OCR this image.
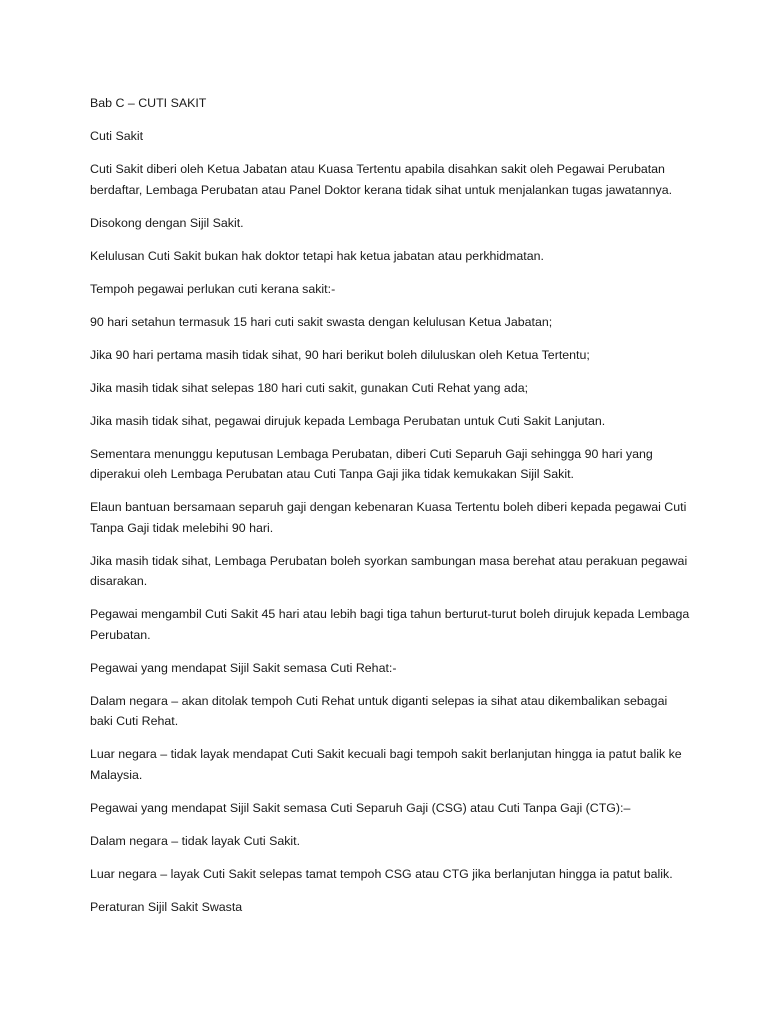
Bab C – CUTI SAKIT

Cuti Sakit

Cuti Sakit diberi oleh Ketua Jabatan atau Kuasa Tertentu apabila disahkan sakit oleh Pegawai Perubatan berdaftar, Lembaga Perubatan atau Panel Doktor kerana tidak sihat untuk menjalankan tugas jawatannya.

Disokong dengan Sijil Sakit.

Kelulusan Cuti Sakit bukan hak doktor tetapi hak ketua jabatan atau perkhidmatan.

Tempoh pegawai perlukan cuti kerana sakit:-

90 hari setahun termasuk 15 hari cuti sakit swasta dengan kelulusan Ketua Jabatan;

Jika 90 hari pertama masih tidak sihat, 90 hari berikut boleh diluluskan oleh Ketua Tertentu;

Jika masih tidak sihat selepas 180 hari cuti sakit, gunakan Cuti Rehat yang ada;

Jika masih tidak sihat, pegawai dirujuk kepada Lembaga Perubatan untuk Cuti Sakit Lanjutan.

Sementara menunggu keputusan Lembaga Perubatan, diberi Cuti Separuh Gaji sehingga 90 hari yang diperakui oleh Lembaga Perubatan atau Cuti Tanpa Gaji jika tidak kemukakan Sijil Sakit.

Elaun bantuan bersamaan separuh gaji dengan kebenaran Kuasa Tertentu boleh diberi kepada pegawai Cuti Tanpa Gaji tidak melebihi 90 hari.

Jika masih tidak sihat, Lembaga Perubatan boleh syorkan sambungan masa berehat atau perakuan pegawai disarakan.

Pegawai mengambil Cuti Sakit 45 hari atau lebih bagi tiga tahun berturut-turut boleh dirujuk kepada Lembaga Perubatan.

Pegawai yang mendapat Sijil Sakit semasa Cuti Rehat:-

Dalam negara – akan ditolak tempoh Cuti Rehat untuk diganti selepas ia sihat atau dikembalikan sebagai baki Cuti Rehat.

Luar negara – tidak layak mendapat Cuti Sakit kecuali bagi tempoh sakit berlanjutan hingga ia patut balik ke Malaysia.

Pegawai yang mendapat Sijil Sakit semasa Cuti Separuh Gaji (CSG) atau Cuti Tanpa Gaji (CTG):–

Dalam negara – tidak layak Cuti Sakit.

Luar negara – layak Cuti Sakit selepas tamat tempoh CSG atau CTG jika berlanjutan hingga ia patut balik.

Peraturan Sijil Sakit Swasta
